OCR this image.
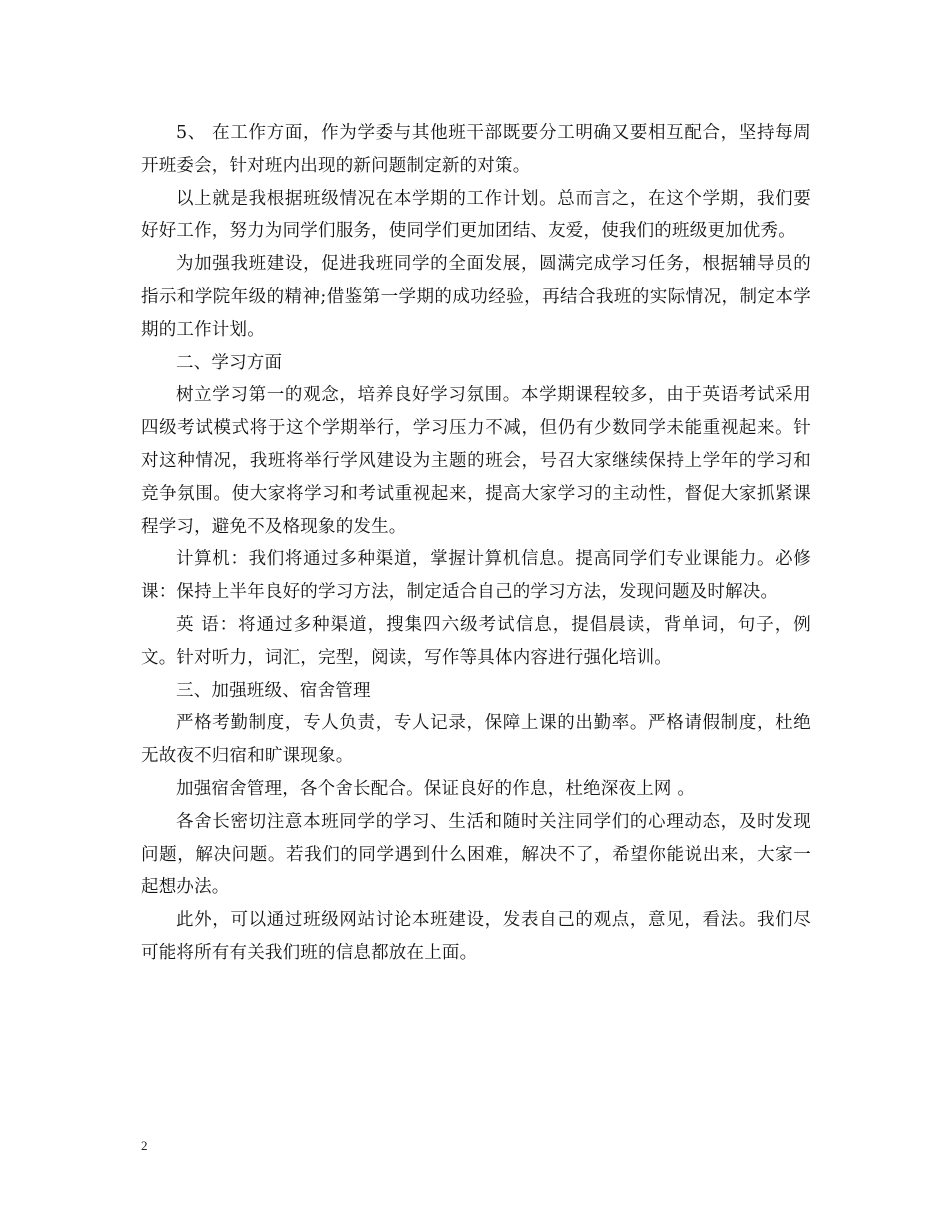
5、 在工作方面，作为学委与其他班干部既要分工明确又要相互配合，坚持每周开班委会，针对班内出现的新问题制定新的对策。

以上就是我根据班级情况在本学期的工作计划。总而言之，在这个学期，我们要好好工作，努力为同学们服务，使同学们更加团结、友爱，使我们的班级更加优秀。

为加强我班建设，促进我班同学的全面发展，圆满完成学习任务，根据辅导员的指示和学院年级的精神;借鉴第一学期的成功经验，再结合我班的实际情况，制定本学期的工作计划。

二、学习方面

树立学习第一的观念，培养良好学习氛围。本学期课程较多，由于英语考试采用四级考试模式将于这个学期举行，学习压力不减，但仍有少数同学未能重视起来。针对这种情况，我班将举行学风建设为主题的班会，号召大家继续保持上学年的学习和竞争氛围。使大家将学习和考试重视起来，提高大家学习的主动性，督促大家抓紧课程学习，避免不及格现象的发生。

计算机：我们将通过多种渠道，掌握计算机信息。提高同学们专业课能力。必修课：保持上半年良好的学习方法，制定适合自己的学习方法，发现问题及时解决。

英 语：将通过多种渠道，搜集四六级考试信息，提倡晨读，背单词，句子，例文。针对听力，词汇，完型，阅读，写作等具体内容进行强化培训。

三、加强班级、宿舍管理

严格考勤制度，专人负责，专人记录，保障上课的出勤率。严格请假制度，杜绝无故夜不归宿和旷课现象。

加强宿舍管理，各个舍长配合。保证良好的作息，杜绝深夜上网 。

各舍长密切注意本班同学的学习、生活和随时关注同学们的心理动态，及时发现问题，解决问题。若我们的同学遇到什么困难，解决不了，希望你能说出来，大家一起想办法。

此外，可以通过班级网站讨论本班建设，发表自己的观点，意见，看法。我们尽可能将所有有关我们班的信息都放在上面。

2
